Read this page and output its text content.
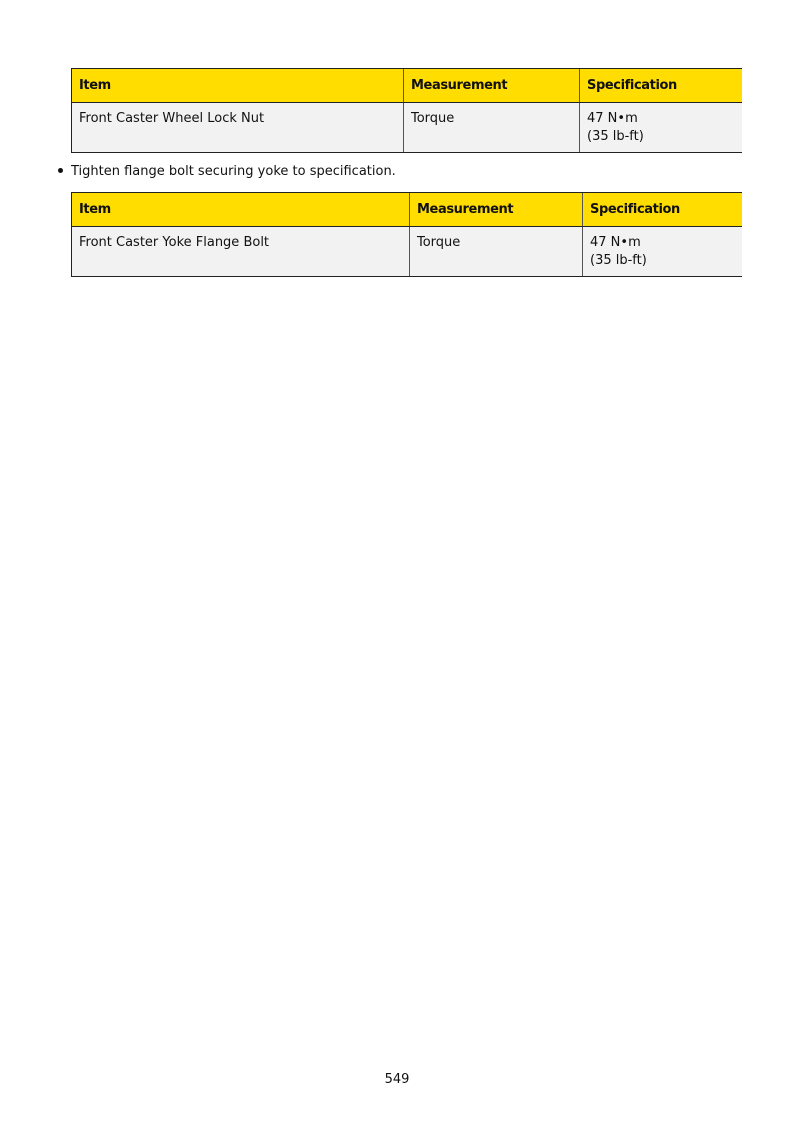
Item	Measurement	Specification
Front Caster Wheel Lock Nut	Torque	47 N•m
(35 lb-ft)
Tighten flange bolt securing yoke to specification.
Item	Measurement	Specification
Front Caster Yoke Flange Bolt	Torque	47 N•m
(35 lb-ft)
549
